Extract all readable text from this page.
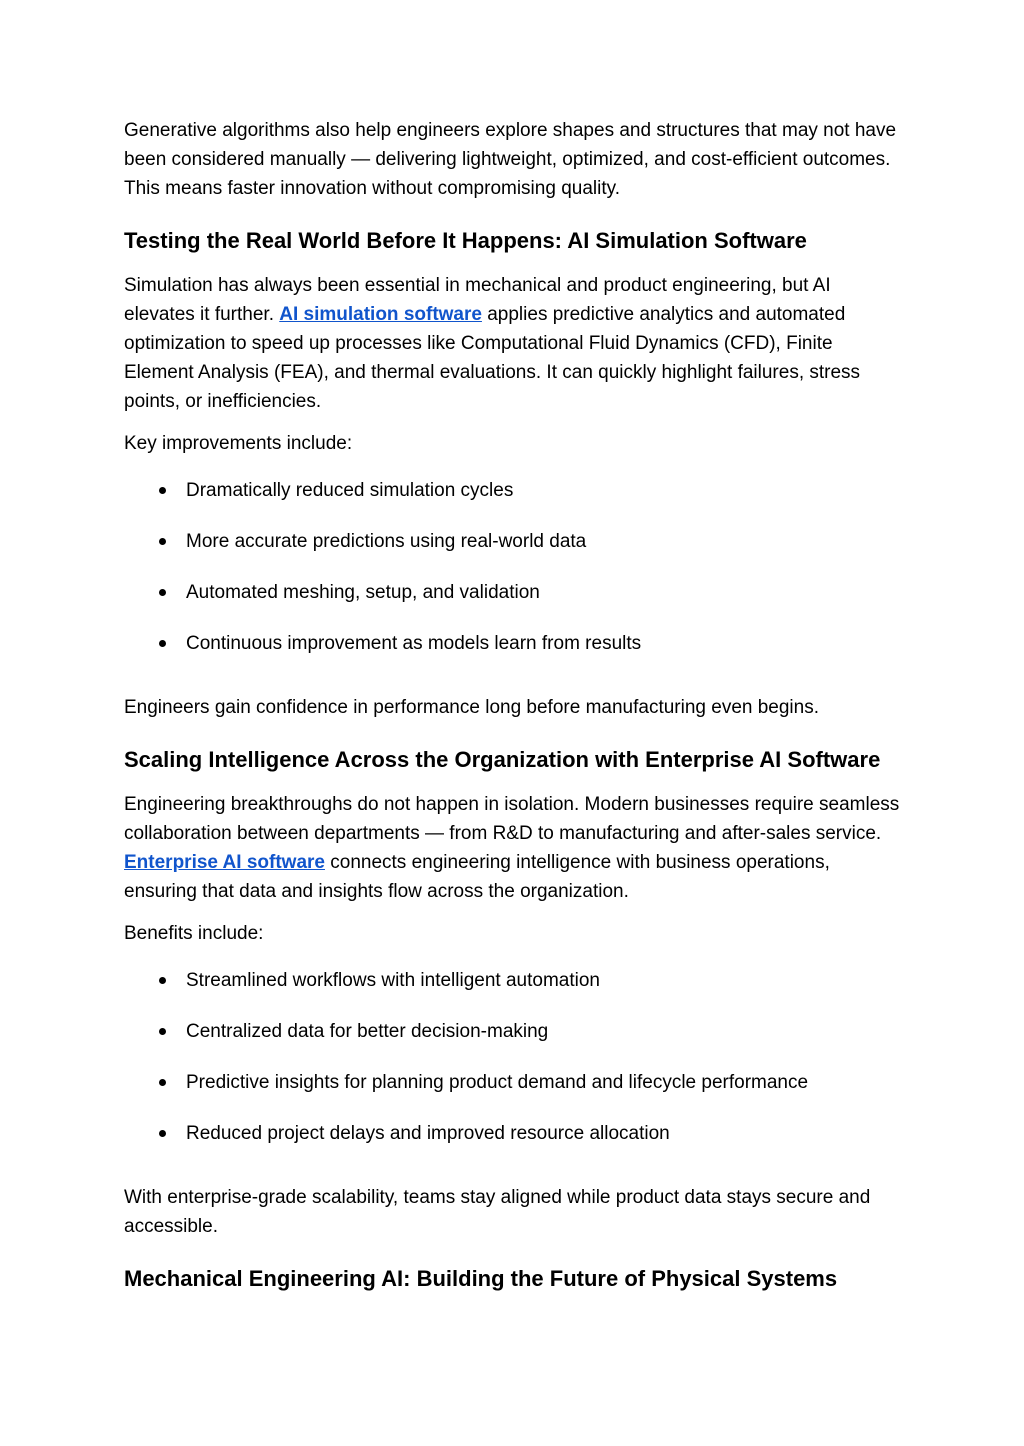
Generative algorithms also help engineers explore shapes and structures that may not have been considered manually — delivering lightweight, optimized, and cost-efficient outcomes. This means faster innovation without compromising quality.

Testing the Real World Before It Happens: AI Simulation Software

Simulation has always been essential in mechanical and product engineering, but AI elevates it further. AI simulation software applies predictive analytics and automated optimization to speed up processes like Computational Fluid Dynamics (CFD), Finite Element Analysis (FEA), and thermal evaluations. It can quickly highlight failures, stress points, or inefficiencies.

Key improvements include:

Dramatically reduced simulation cycles
More accurate predictions using real-world data
Automated meshing, setup, and validation
Continuous improvement as models learn from results

Engineers gain confidence in performance long before manufacturing even begins.

Scaling Intelligence Across the Organization with Enterprise AI Software

Engineering breakthroughs do not happen in isolation. Modern businesses require seamless collaboration between departments — from R&D to manufacturing and after-sales service. Enterprise AI software connects engineering intelligence with business operations, ensuring that data and insights flow across the organization.

Benefits include:

Streamlined workflows with intelligent automation
Centralized data for better decision-making
Predictive insights for planning product demand and lifecycle performance
Reduced project delays and improved resource allocation

With enterprise-grade scalability, teams stay aligned while product data stays secure and accessible.

Mechanical Engineering AI: Building the Future of Physical Systems
